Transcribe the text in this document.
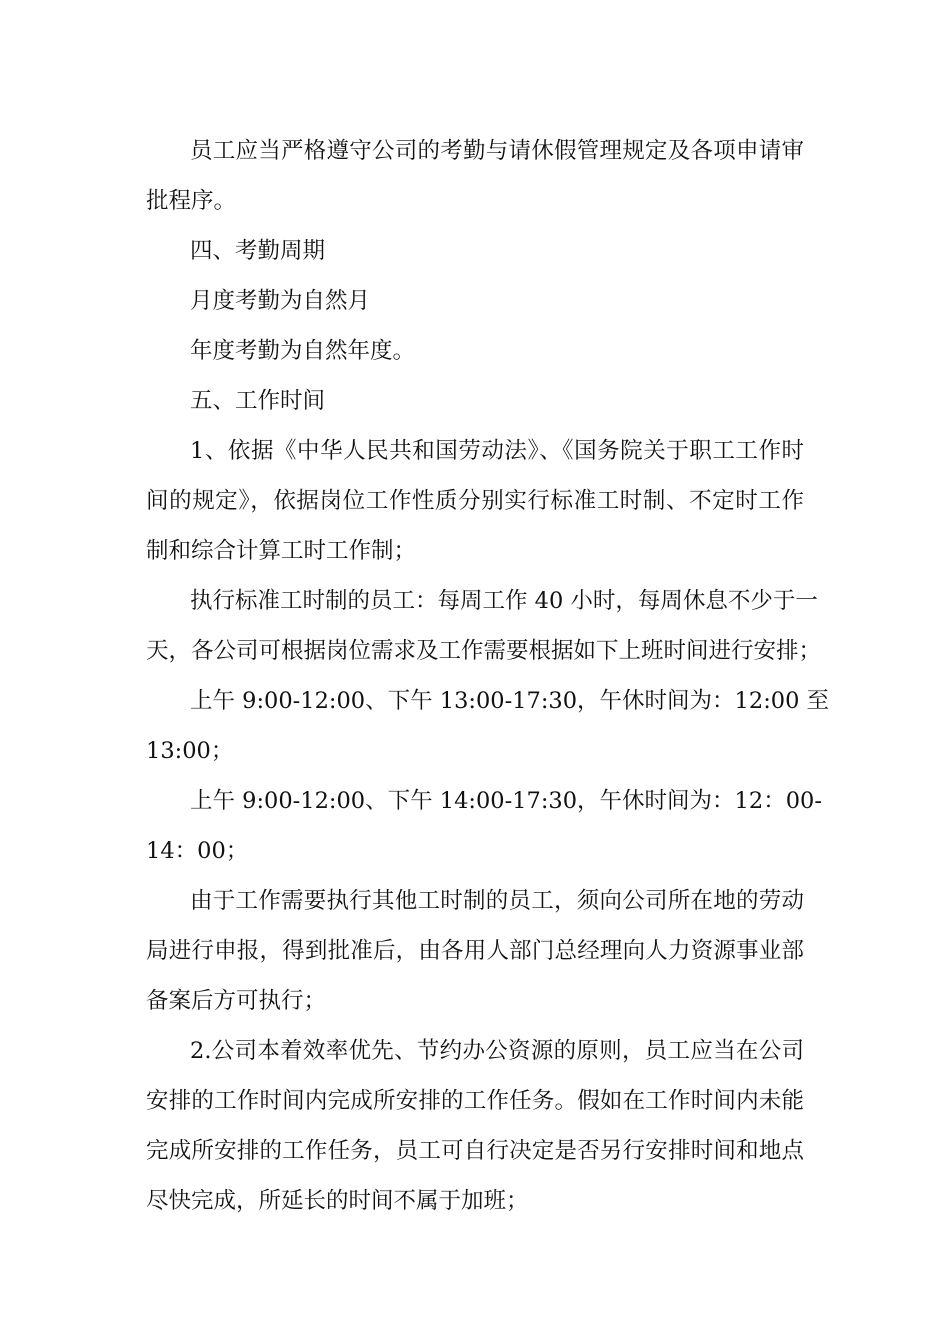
员工应当严格遵守公司的考勤与请休假管理规定及各项申请审
批程序。
四、考勤周期
月度考勤为自然月
年度考勤为自然年度。
五、工作时间
1、依据《中华人民共和国劳动法》、《国务院关于职工工作时
间的规定》，依据岗位工作性质分别实行标准工时制、不定时工作
制和综合计算工时工作制；
执行标准工时制的员工：每周工作 40 小时，每周休息不少于一
天，各公司可根据岗位需求及工作需要根据如下上班时间进行安排；
上午 9:00-12:00、下午 13:00-17:30，午休时间为：12:00 至
13:00；
上午 9:00-12:00、下午 14:00-17:30，午休时间为：12：00-
14：00；
由于工作需要执行其他工时制的员工，须向公司所在地的劳动
局进行申报，得到批准后，由各用人部门总经理向人力资源事业部
备案后方可执行；
2.公司本着效率优先、节约办公资源的原则，员工应当在公司
安排的工作时间内完成所安排的工作任务。假如在工作时间内未能
完成所安排的工作任务，员工可自行决定是否另行安排时间和地点
尽快完成，所延长的时间不属于加班；
